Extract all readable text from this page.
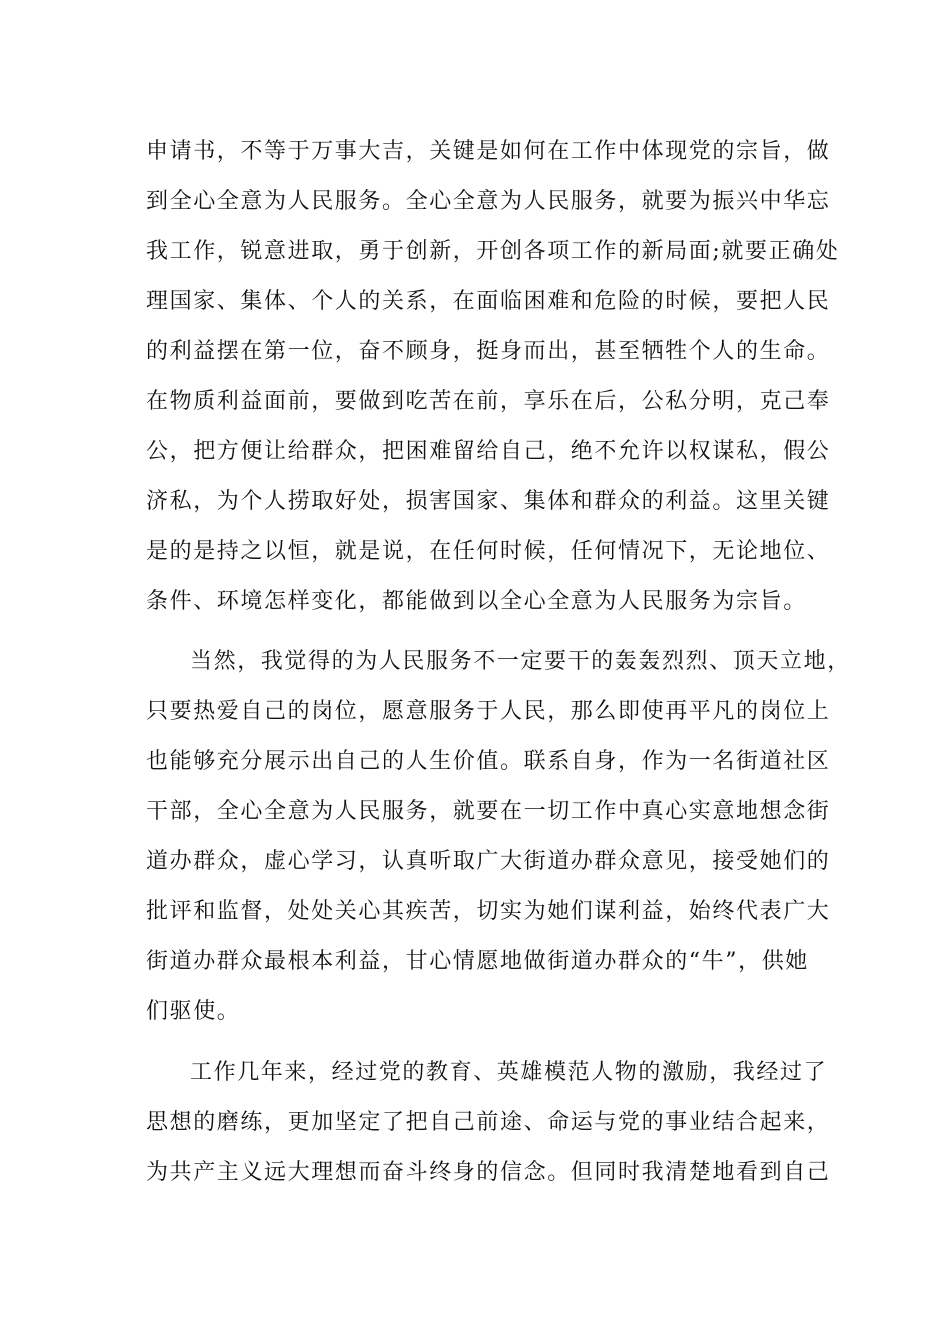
申请书，不等于万事大吉，关键是如何在工作中体现党的宗旨，做
到全心全意为人民服务。全心全意为人民服务，就要为振兴中华忘
我工作，锐意进取，勇于创新，开创各项工作的新局面;就要正确处
理国家、集体、个人的关系，在面临困难和危险的时候，要把人民
的利益摆在第一位，奋不顾身，挺身而出，甚至牺牲个人的生命。
在物质利益面前，要做到吃苦在前，享乐在后，公私分明，克己奉
公，把方便让给群众，把困难留给自己，绝不允许以权谋私，假公
济私，为个人捞取好处，损害国家、集体和群众的利益。这里关键
是的是持之以恒，就是说，在任何时候，任何情况下，无论地位、
条件、环境怎样变化，都能做到以全心全意为人民服务为宗旨。
当然，我觉得的为人民服务不一定要干的轰轰烈烈、顶天立地，
只要热爱自己的岗位，愿意服务于人民，那么即使再平凡的岗位上
也能够充分展示出自己的人生价值。联系自身，作为一名街道社区
干部，全心全意为人民服务，就要在一切工作中真心实意地想念街
道办群众，虚心学习，认真听取广大街道办群众意见，接受她们的
批评和监督，处处关心其疾苦，切实为她们谋利益，始终代表广大
街道办群众最根本利益，甘心情愿地做街道办群众的“牛”，供她
们驱使。
工作几年来，经过党的教育、英雄模范人物的激励，我经过了
思想的磨练，更加坚定了把自己前途、命运与党的事业结合起来，
为共产主义远大理想而奋斗终身的信念。但同时我清楚地看到自己
